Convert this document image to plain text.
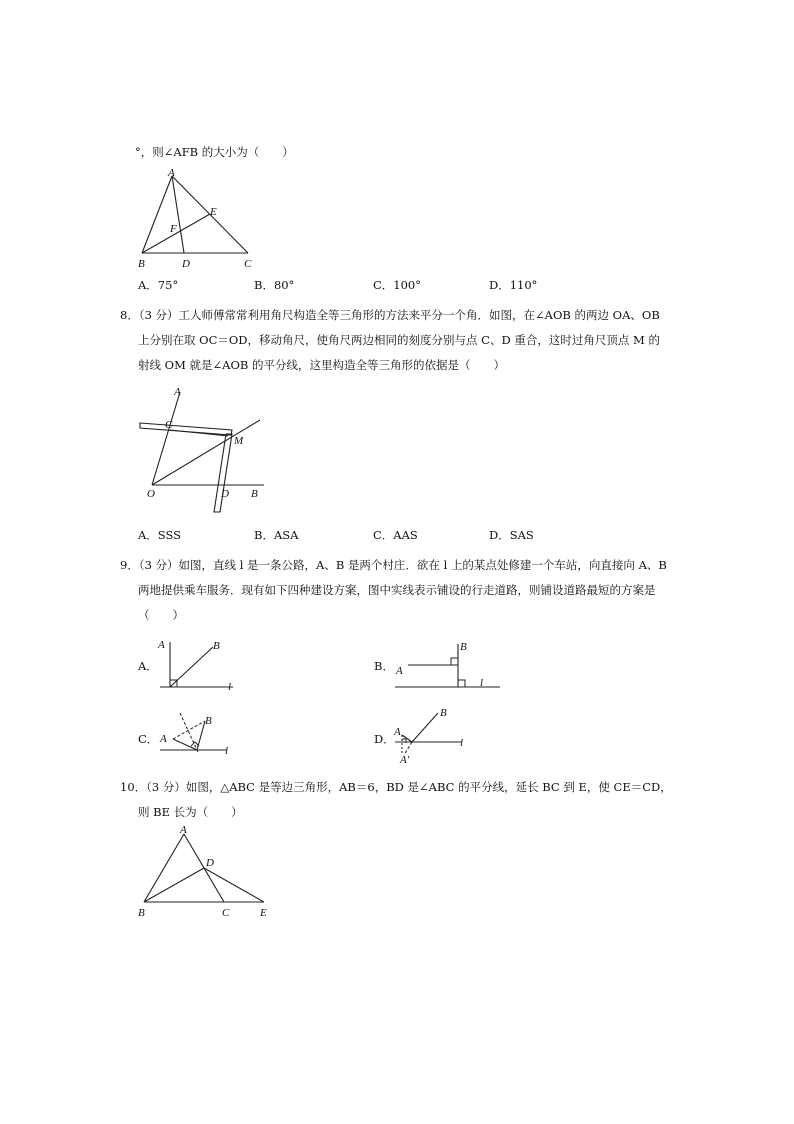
°，则∠AFB 的大小为（　　）
A
E
F
B	D	C
A．75°	B．80°	C．100°	D．110°
8．（3 分）工人师傅常常利用角尺构造全等三角形的方法来平分一个角．如图，在∠AOB 的两边 OA、OB
上分别在取 OC＝OD，移动角尺，使角尺两边相同的刻度分别与点 C、D 重合，这时过角尺顶点 M 的
射线 OM 就是∠AOB 的平分线，这里构造全等三角形的依据是（　　）
A
C
M
O	D B
A．SSS	B．ASA	C．AAS	D．SAS
9．（3 分）如图，直线 l 是一条公路，A、B 是两个村庄．欲在 l 上的某点处修建一个车站，向直接向 A、B
两地提供乘车服务．现有如下四种建设方案，图中实线表示铺设的行走道路，则铺设道路最短的方案是
（　　）
A．
A	B
l
B． A
B
l
C． A
B
l
D． A
B
l
A'
10．（3 分）如图，△ABC 是等边三角形，AB＝6，BD 是∠ABC 的平分线，延长 BC 到 E，使 CE＝CD，
则 BE 长为（　　）
A
D
B	C	E
